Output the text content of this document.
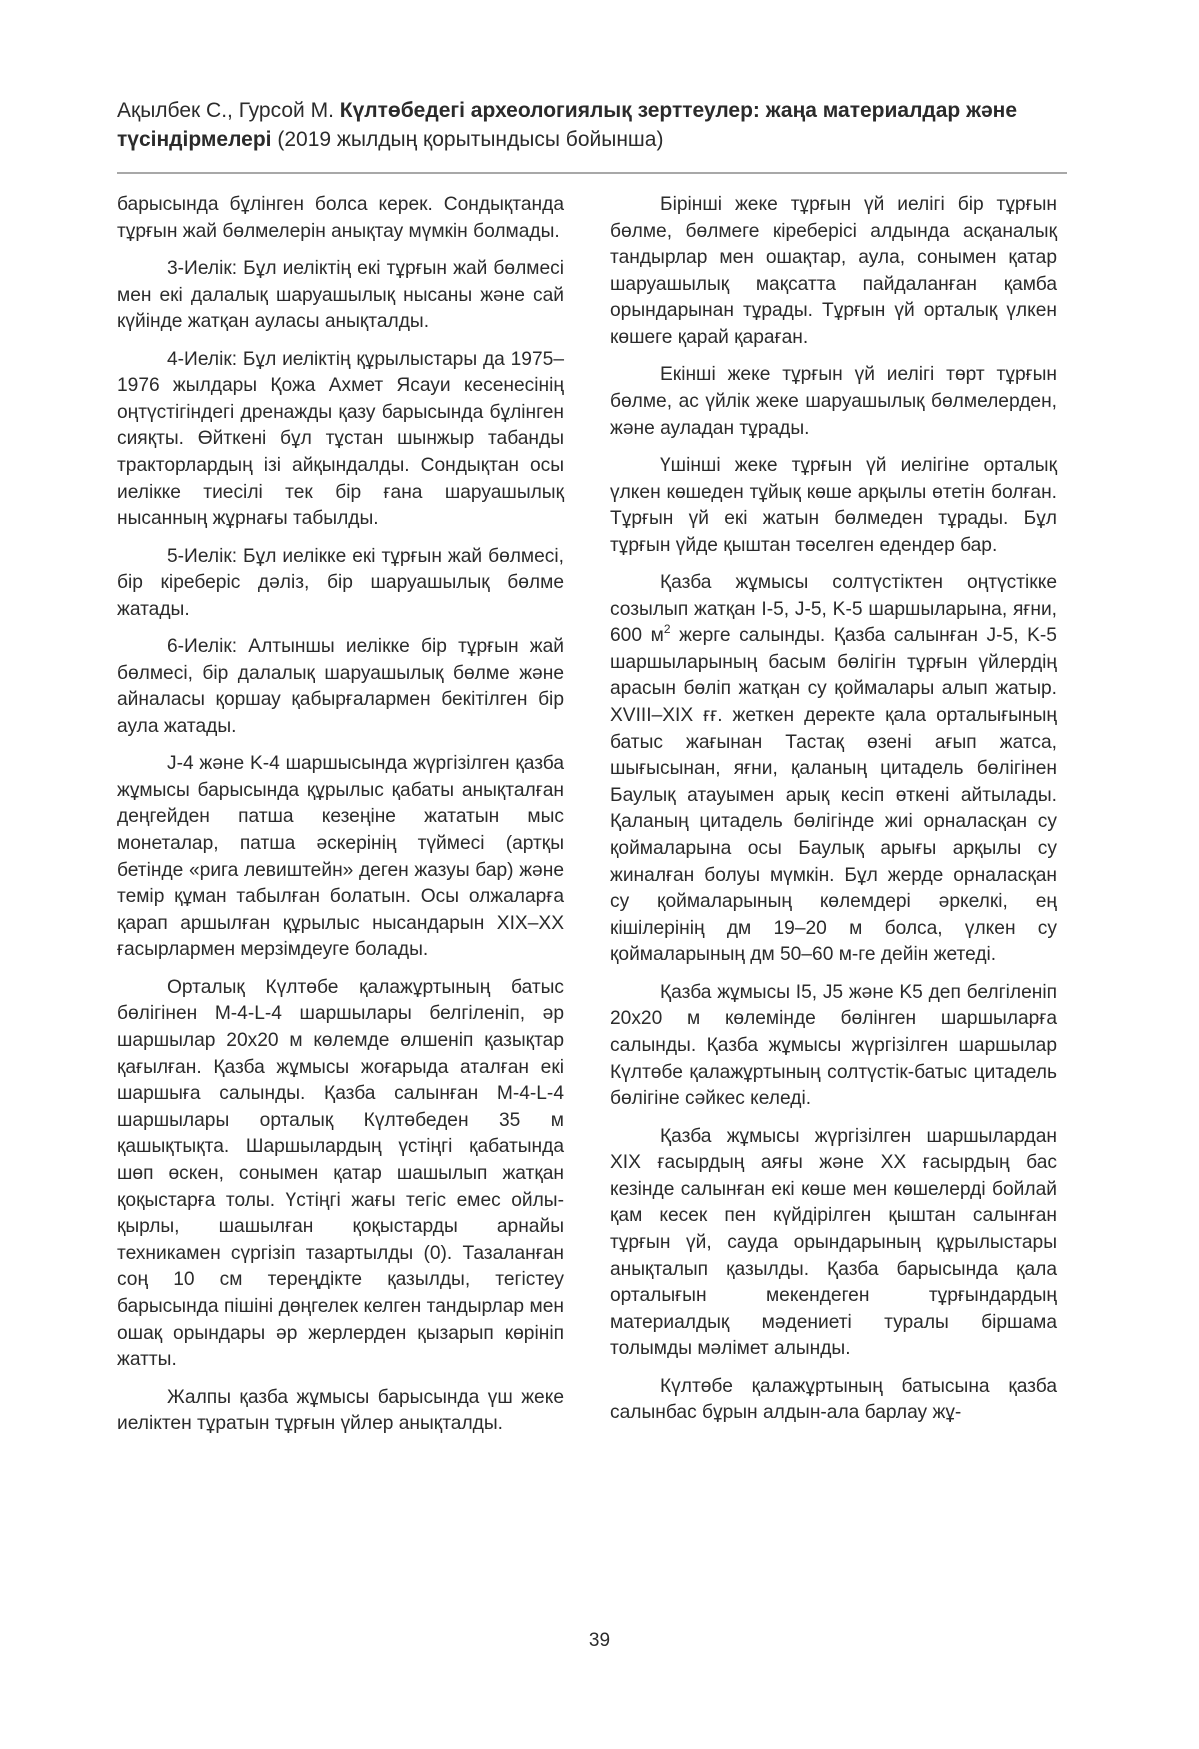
Ақылбек С., Гурсой М. Күлтөбедегі археологиялық зерттеулер: жаңа материалдар және түсіндірмелері (2019 жылдың қорытындысы бойынша)

барысында бұлінген болса керек. Сондықтанда тұрғын жай бөлмелерін анықтау мүмкін болмады.

3-Иелік: Бұл иеліктің екі тұрғын жай бөлмесі мен екі далалық шаруашылық нысаны және сай күйінде жатқан ауласы анықталды.

4-Иелік: Бұл иеліктің құрылыстары да 1975–1976 жылдары Қожа Ахмет Ясауи кесенесінің оңтүстігіндегі дренажды қазу барысында бұлінген сияқты. Өйткені бұл тұстан шынжыр табанды тракторлардың ізі айқындалды. Сондықтан осы иелікке тиесілі тек бір ғана шаруашылық нысанның жұрнағы табылды.

5-Иелік: Бұл иелікке екі тұрғын жай бөлмесі, бір кіреберіс дәліз, бір шаруашылық бөлме жатады.

6-Иелік: Алтыншы иелікке бір тұрғын жай бөлмесі, бір далалық шаруашылық бөлме және айналасы қоршау қабырғалармен бекітілген бір аула жатады.

J-4 және K-4 шаршысында жүргізілген қазба жұмысы барысында құрылыс қабаты анықталған деңгейден патша кезеңіне жататын мыс монеталар, патша әскерінің түймесі (артқы бетінде «рига левиштейн» деген жазуы бар) және темір құман табылған болатын. Осы олжаларға қарап аршылған құрылыс нысандарын XIX–XX ғасырлармен мерзімдеуге болады.

Орталық Күлтөбе қалажұртының батыс бөлігінен M-4-L-4 шаршылары белгіленіп, әр шаршылар 20x20 м көлемде өлшеніп қазықтар қағылған. Қазба жұмысы жоғарыда аталған екі шаршыға салынды. Қазба салынған M-4-L-4 шаршылары орталық Күлтөбеден 35 м қашықтықта. Шаршылардың үстіңгі қабатында шөп өскен, сонымен қатар шашылып жатқан қоқыстарға толы. Үстіңгі жағы тегіс емес ойлы-қырлы, шашылған қоқыстарды арнайы техникамен сүргізіп тазартылды (0). Тазаланған соң 10 см тереңдікте қазылды, тегістеу барысында пішіні дөңгелек келген тандырлар мен ошақ орындары әр жерлерден қызарып көрініп жатты.

Жалпы қазба жұмысы барысында үш жеке иеліктен тұратын тұрғын үйлер анықталды.

Бірінші жеке тұрғын үй иелігі бір тұрғын бөлме, бөлмеге кіреберісі алдында асқаналық тандырлар мен ошақтар, аула, сонымен қатар шаруашылық мақсатта пайдаланған қамба орындарынан тұрады. Тұрғын үй орталық үлкен көшеге қарай қараған.

Екінші жеке тұрғын үй иелігі төрт тұрғын бөлме, ас үйлік жеке шаруашылық бөлмелерден, және ауладан тұрады.

Үшінші жеке тұрғын үй иелігіне орталық үлкен көшеден тұйық көше арқылы өтетін болған. Тұрғын үй екі жатын бөлмеден тұрады. Бұл тұрғын үйде қыштан төселген едендер бар.

Қазба жұмысы солтүстіктен оңтүстікке созылып жатқан I-5, J-5, K-5 шаршыларына, яғни, 600 $м^2$ жерге салынды. Қазба салынған J-5, K-5 шаршыларының басым бөлігін тұрғын үйлердің арасын бөліп жатқан су қоймалары алып жатыр. XVIII–XIX ғғ. жеткен деректе қала орталығының батыс жағынан Тастақ өзені ағып жатса, шығысынан, яғни, қаланың цитадель бөлігінен Баулық атауымен арық кесіп өткені айтылады. Қаланың цитадель бөлігінде жиі орналасқан су қоймаларына осы Баулық арығы арқылы су жиналған болуы мүмкін. Бұл жерде орналасқан су қоймаларының көлемдері әркелкі, ең кішілерінің дм 19–20 м болса, үлкен су қоймаларының дм 50–60 м-ге дейін жетеді.

Қазба жұмысы I5, J5 және K5 деп белгіленіп 20x20 м көлемінде бөлінген шаршыларға салынды. Қазба жұмысы жүргізілген шаршылар Күлтөбе қалажұртының солтүстік-батыс цитадель бөлігіне сәйкес келеді.

Қазба жұмысы жүргізілген шаршылардан XIX ғасырдың аяғы және XX ғасырдың бас кезінде салынған екі көше мен көшелерді бойлай қам кесек пен күйдірілген қыштан салынған тұрғын үй, сауда орындарының құрылыстары анықталып қазылды. Қазба барысында қала орталығын мекендеген тұрғындардың материалдық мәдениеті туралы біршама толымды мәлімет алынды.

Күлтөбе қалажұртының батысына қазба салынбас бұрын алдын-ала барлау жұ-

39
